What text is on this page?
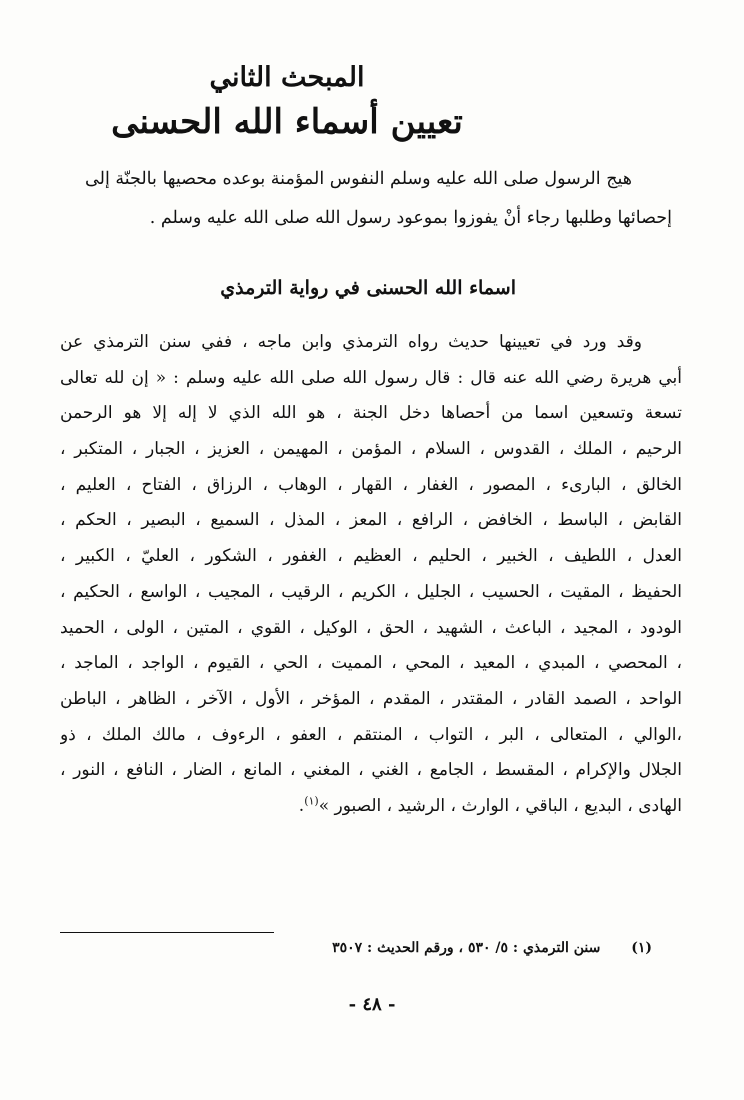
المبحث الثاني
تعيين أسماء الله الحسنى
هيج الرسول صلى الله عليه وسلم النفوس المؤمنة بوعده محصيها بالجنّة إلى
إحصائها وطلبها رجاء أنْ يفوزوا بموعود رسول الله صلى الله عليه وسلم .
اسماء الله الحسنى في رواية الترمذي
وقد ورد في تعيينها حديث رواه الترمذي وابن ماجه ، ففي سنن الترمذي عن
أبي هريرة رضي الله عنه قال : قال رسول الله صلى الله عليه وسلم : « إن لله تعالى
تسعة وتسعين اسما من أحصاها دخل الجنة ، هو الله الذي لا إله إلا هو الرحمن
الرحيم ، الملك ، القدوس ، السلام ، المؤمن ، المهيمن ، العزيز ، الجبار ، المتكبر ،
الخالق ، البارىء ، المصور ، الغفار ، القهار ، الوهاب ، الرزاق ، الفتاح ، العليم ،
القابض ، الباسط ، الخافض ، الرافع ، المعز ، المذل ، السميع ، البصير ، الحكم ،
العدل ، اللطيف ، الخبير ، الحليم ، العظيم ، الغفور ، الشكور ، العليّ ، الكبير ،
الحفيظ ، المقيت ، الحسيب ، الجليل ، الكريم ، الرقيب ، المجيب ، الواسع ، الحكيم ،
الودود ، المجيد ، الباعث ، الشهيد ، الحق ، الوكيل ، القوي ، المتين ، الولى ، الحميد
، المحصي ، المبدي ، المعيد ، المحي ، المميت ، الحي ، القيوم ، الواجد ، الماجد ،
الواحد ، الصمد القادر ، المقتدر ، المقدم ، المؤخر ، الأول ، الآخر ، الظاهر ، الباطن
،الوالي ، المتعالى ، البر ، التواب ، المنتقم ، العفو ، الرءوف ، مالك الملك ، ذو
الجلال والإكرام ، المقسط ، الجامع ، الغني ، المغني ، المانع ، الضار ، النافع ، النور ،
الهادى ، البديع ، الباقي ، الوارث ، الرشيد ، الصبور »$^{(١)}$.
(١) سنن الترمذي : ٥/ ٥٣٠ ، ورقم الحديث : ٣٥٠٧
- ٤٨ -
